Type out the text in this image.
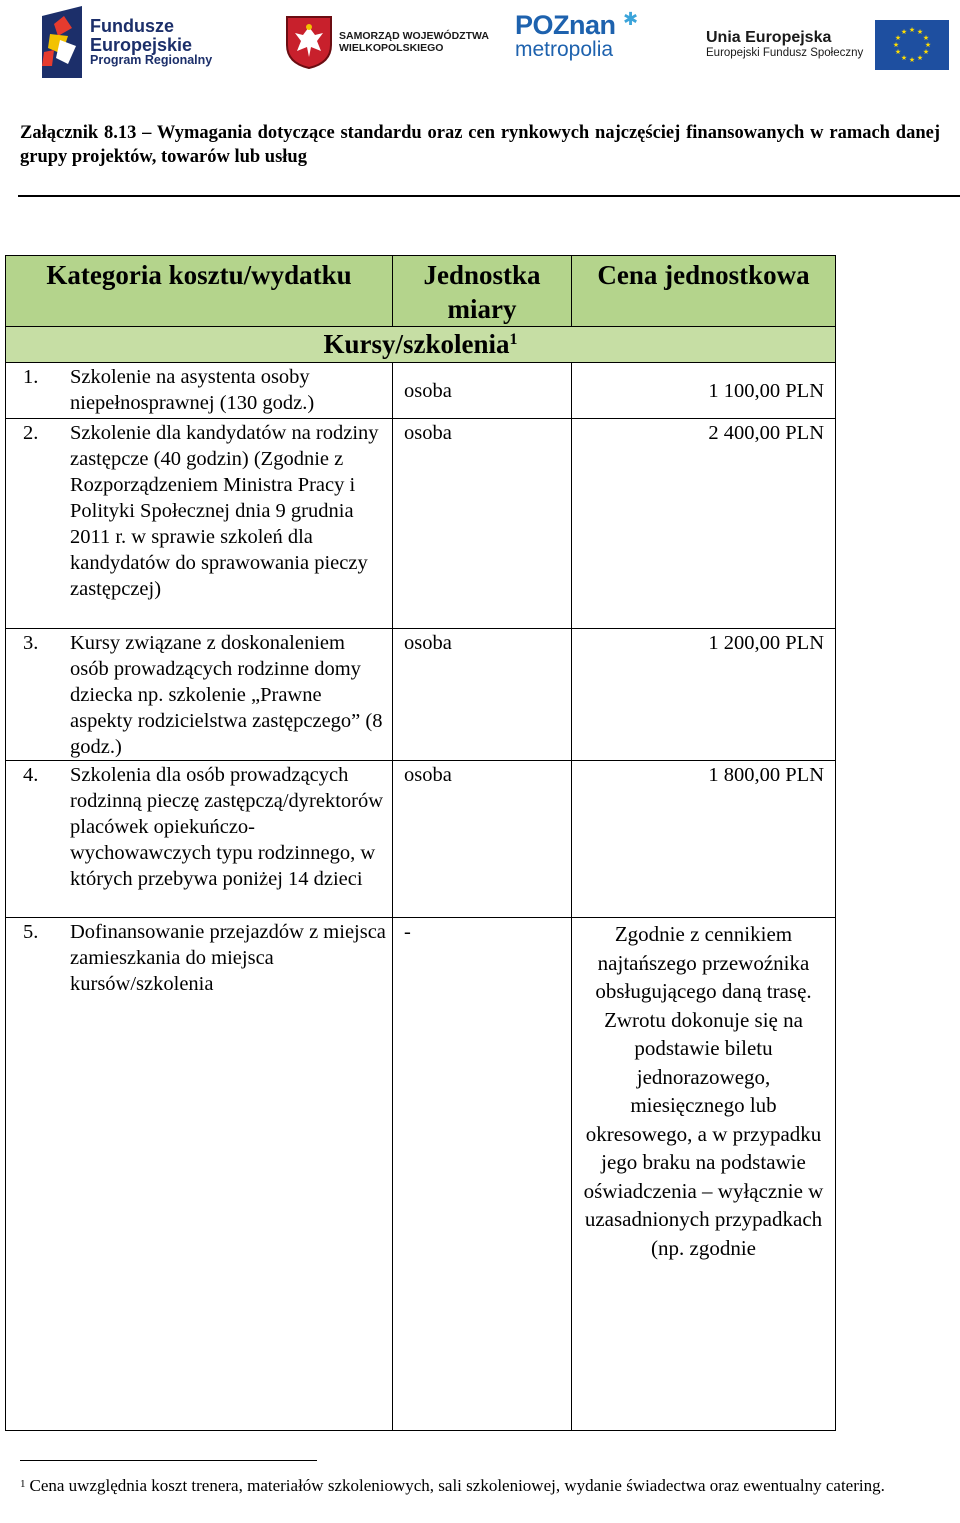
Fundusze
Europejskie
Program Regionalny
SAMORZĄD WOJEWÓDZTWA
WIELKOPOLSKIEGO
POZnan
metropolia
✱
Unia Europejska
Europejski Fundusz Społeczny
★ ★
★
★
★
★
★
★
★
★
★
★
Załącznik 8.13 – Wymagania dotyczące standardu oraz cen rynkowych najczęściej finansowanych w ramach danej grupy projektów, towarów lub usług
Kategoria kosztu/wydatku	Jednostka miary	Cena jednostkowa
Kursy/szkolenia$^1$

1. Szkolenie na asystenta osoby niepełnosprawnej (130 godz.)	osoba	1 100,00 PLN

2. Szkolenie dla kandydatów na rodziny zastępcze (40 godzin) (Zgodnie z Rozporządzeniem Ministra Pracy i Polityki Społecznej dnia 9 grudnia 2011 r. w sprawie szkoleń dla kandydatów do sprawowania pieczy zastępczej)	osoba	2 400,00 PLN

3. Kursy związane z doskonaleniem osób prowadzących rodzinne domy dziecka np. szkolenie „Prawne aspekty rodzicielstwa zastępczego” (8 godz.)	osoba	1 200,00 PLN

4. Szkolenia dla osób prowadzących rodzinną pieczę zastępczą/dyrektorów placówek opiekuńczo-wychowawczych typu rodzinnego, w których przebywa poniżej 14 dzieci	osoba	1 800,00 PLN

5. Dofinansowanie przejazdów z miejsca zamieszkania do miejsca kursów/szkolenia	-	Zgodnie z cennikiem najtańszego przewoźnika obsługującego daną trasę. Zwrotu dokonuje się na podstawie biletu jednorazowego, miesięcznego lub okresowego, a w przypadku jego braku na podstawie oświadczenia – wyłącznie w uzasadnionych przypadkach (np. zgodnie
$^1$ Cena uwzględnia koszt trenera, materiałów szkoleniowych, sali szkoleniowej, wydanie świadectwa oraz ewentualny catering.
